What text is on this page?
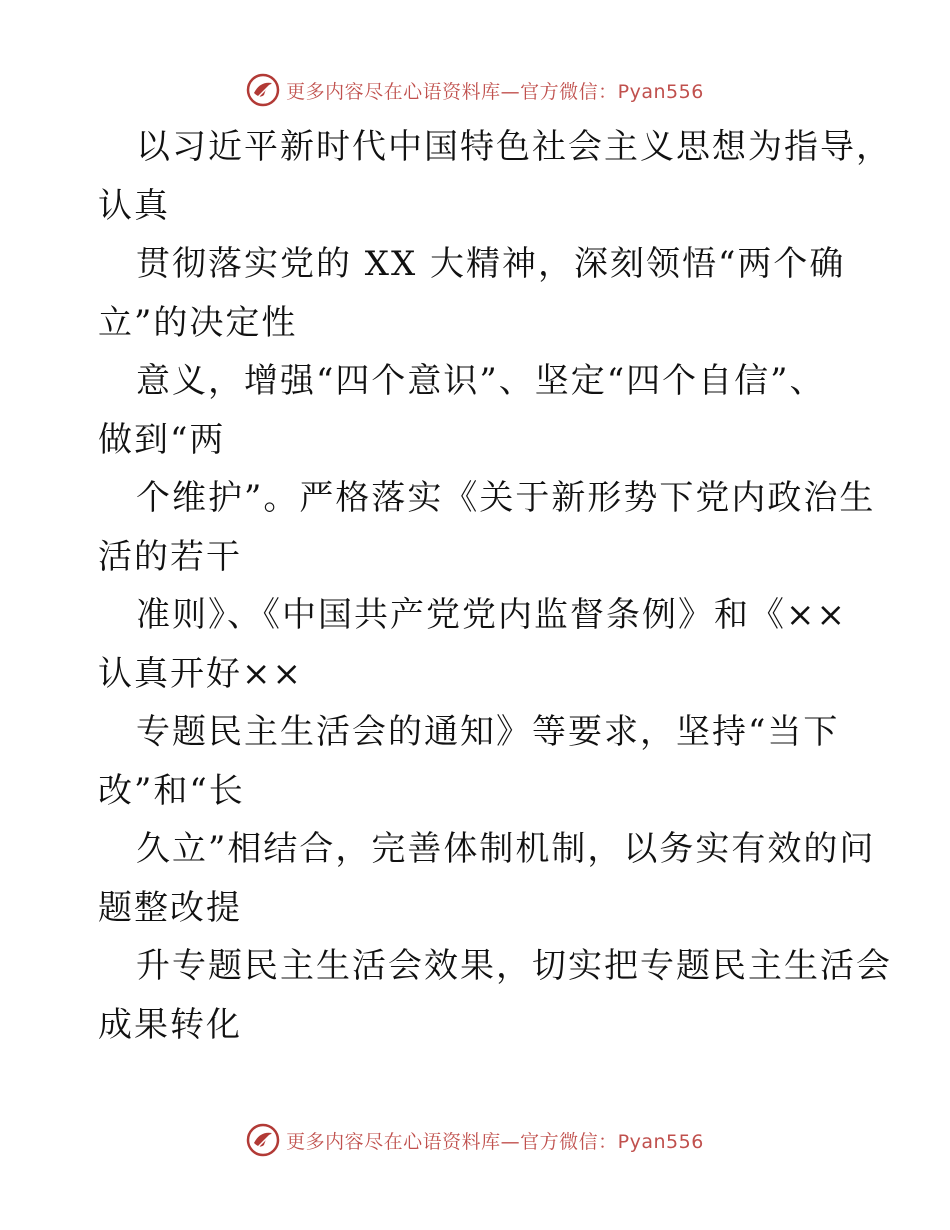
更多内容尽在心语资料库—官方微信：Pyan556
以习近平新时代中国特色社会主义思想为指导，
认真
贯彻落实党的 XX 大精神，深刻领悟“两个确
立”的决定性
意义，增强“四个意识”、坚定“四个自信”、
做到“两
个维护”。严格落实《关于新形势下党内政治生
活的若干
准则》、《中国共产党党内监督条例》和《××
认真开好××
专题民主生活会的通知》等要求，坚持“当下
改”和“长
久立”相结合，完善体制机制，以务实有效的问
题整改提
升专题民主生活会效果，切实把专题民主生活会
成果转化
更多内容尽在心语资料库—官方微信：Pyan556
